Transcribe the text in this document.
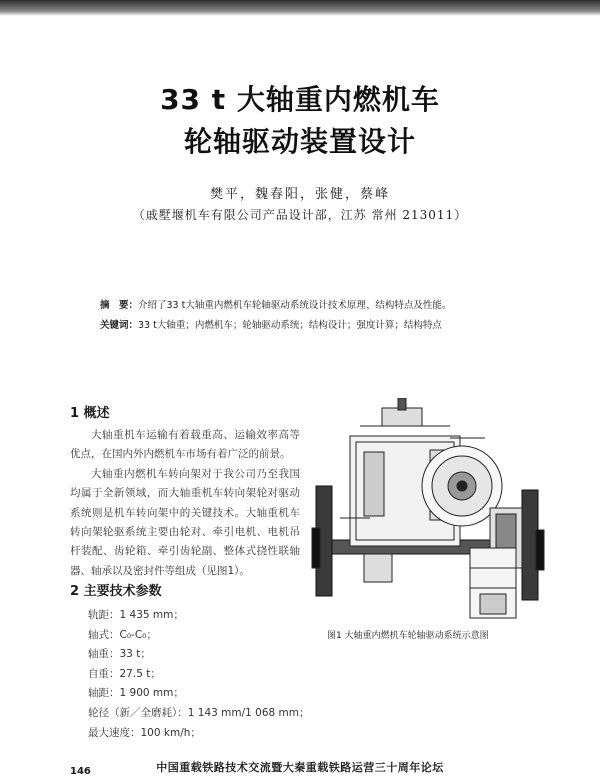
33 t 大轴重内燃机车
轮轴驱动装置设计
樊平，魏春阳，张健，蔡峰
（戚墅堰机车有限公司产品设计部，江苏 常州 213011）
摘　要：介绍了33 t大轴重内燃机车轮轴驱动系统设计技术原理、结构特点及性能。
关键词：33 t大轴重；内燃机车；轮轴驱动系统；结构设计；强度计算；结构特点
1 概述

大轴重机车运输有着载重高、运输效率高等优点，在国内外内燃机车市场有着广泛的前景。

大轴重内燃机车转向架对于我公司乃至我国均属于全新领域，而大轴重机车转向架轮对驱动系统则是机车转向架中的关键技术。大轴重机车转向架轮驱系统主要由轮对、牵引电机、电机吊杆装配、齿轮箱、牵引齿轮副、整体式挠性联轴器、轴承以及密封件等组成（见图1）。

2 主要技术参数
轨距：1 435 mm；
轴式：C₀-C₀；
轴重：33 t；
自重：27.5 t；
轴距：1 900 mm；
轮径（新／全磨耗）：1 143 mm/1 068 mm；
最大速度：100 km/h；
图1 大轴重内燃机车轮轴驱动系统示意图
146	中国重载铁路技术交流暨大秦重载铁路运营三十周年论坛
